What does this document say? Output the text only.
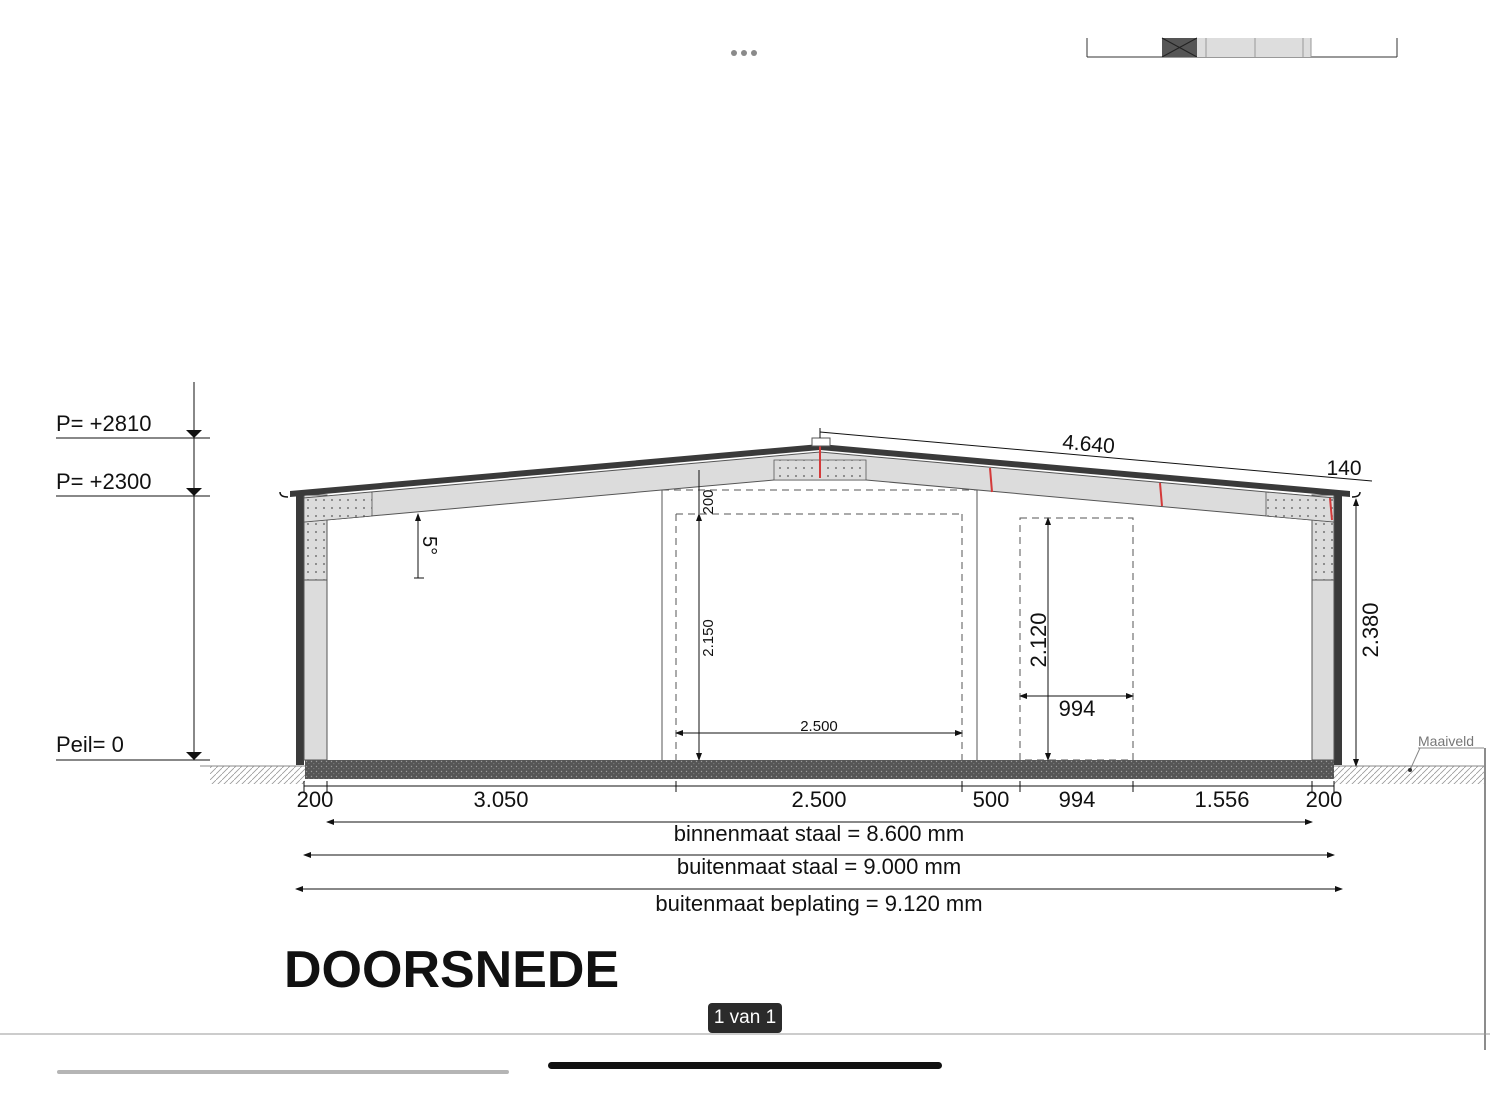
P= +2810
P= +2300
Peil= 0	Maaiveld
5°
4.640
140
2.380
200
2.150
2.500
2.120
994
200	3.050	2.500	500 994	1.556	200
binnenmaat staal = 8.600 mm
buitenmaat staal = 9.000 mm
buitenmaat beplating = 9.120 mm
DOORSNEDE
1 van 1
